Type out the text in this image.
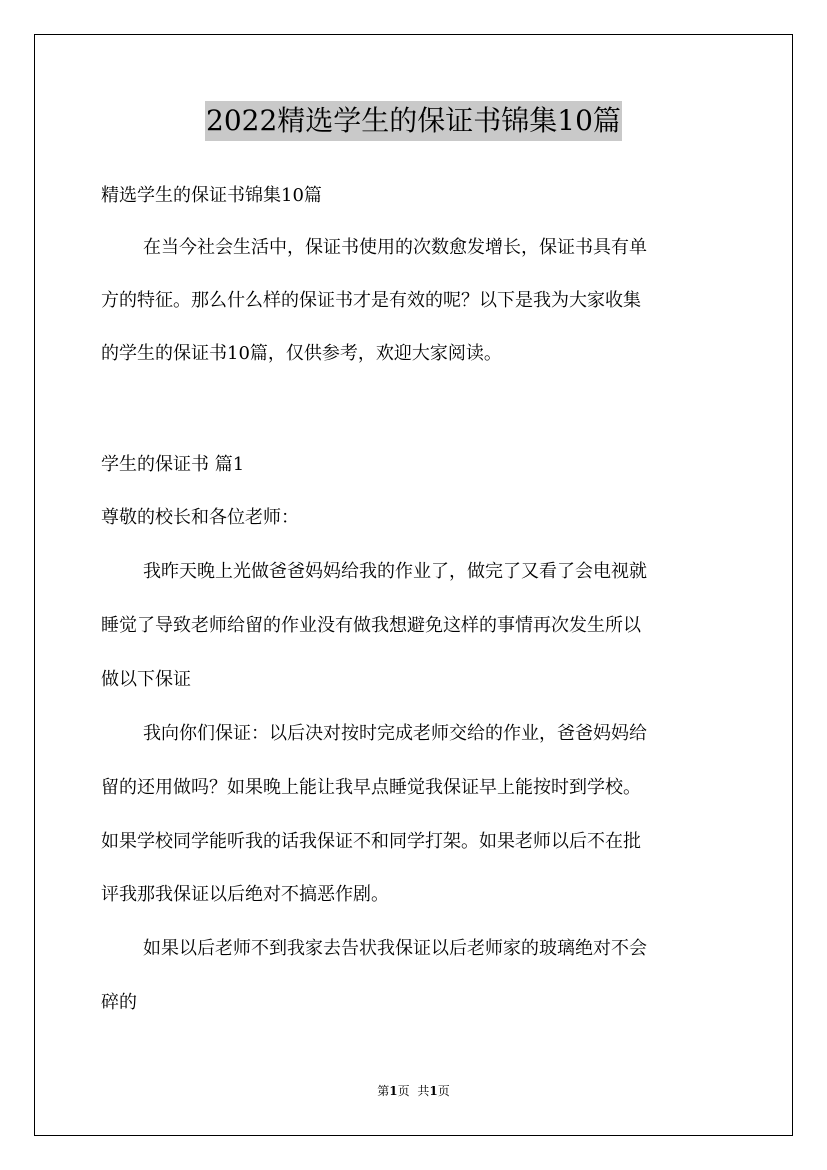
2022精选学生的保证书锦集10篇
精选学生的保证书锦集10篇
在当今社会生活中，保证书使用的次数愈发增长，保证书具有单
方的特征。那么什么样的保证书才是有效的呢？以下是我为大家收集
的学生的保证书10篇，仅供参考，欢迎大家阅读。
学生的保证书 篇1
尊敬的校长和各位老师：
我昨天晚上光做爸爸妈妈给我的作业了，做完了又看了会电视就
睡觉了导致老师给留的作业没有做我想避免这样的事情再次发生所以
做以下保证
我向你们保证：以后决对按时完成老师交给的作业，爸爸妈妈给
留的还用做吗？如果晚上能让我早点睡觉我保证早上能按时到学校。
如果学校同学能听我的话我保证不和同学打架。如果老师以后不在批
评我那我保证以后绝对不搞恶作剧。
如果以后老师不到我家去告状我保证以后老师家的玻璃绝对不会
碎的
第1页 共1页
